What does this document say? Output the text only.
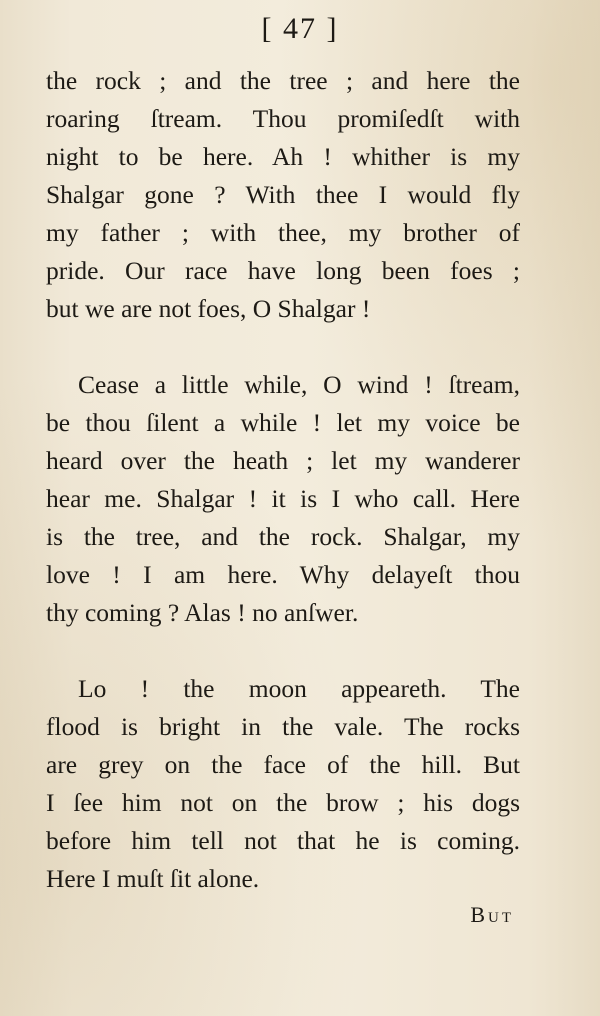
[ 47 ]
the rock ; and the tree ; and here the
roaring ſtream. Thou promiſedſt with
night to be here. Ah ! whither is my
Shalgar gone ? With thee I would fly
my father ; with thee, my brother of
pride. Our race have long been foes ;
but we are not foes, O Shalgar !
Cease a little while, O wind ! ſtream,
be thou ſilent a while ! let my voice be
heard over the heath ; let my wanderer
hear me. Shalgar ! it is I who call. Here
is the tree, and the rock. Shalgar, my
love ! I am here. Why delayeſt thou
thy coming ? Alas ! no anſwer.
Lo ! the moon appeareth. The
flood is bright in the vale. The rocks
are grey on the face of the hill. But
I ſee him not on the brow ; his dogs
before him tell not that he is coming.
Here I muſt ſit alone.
But
